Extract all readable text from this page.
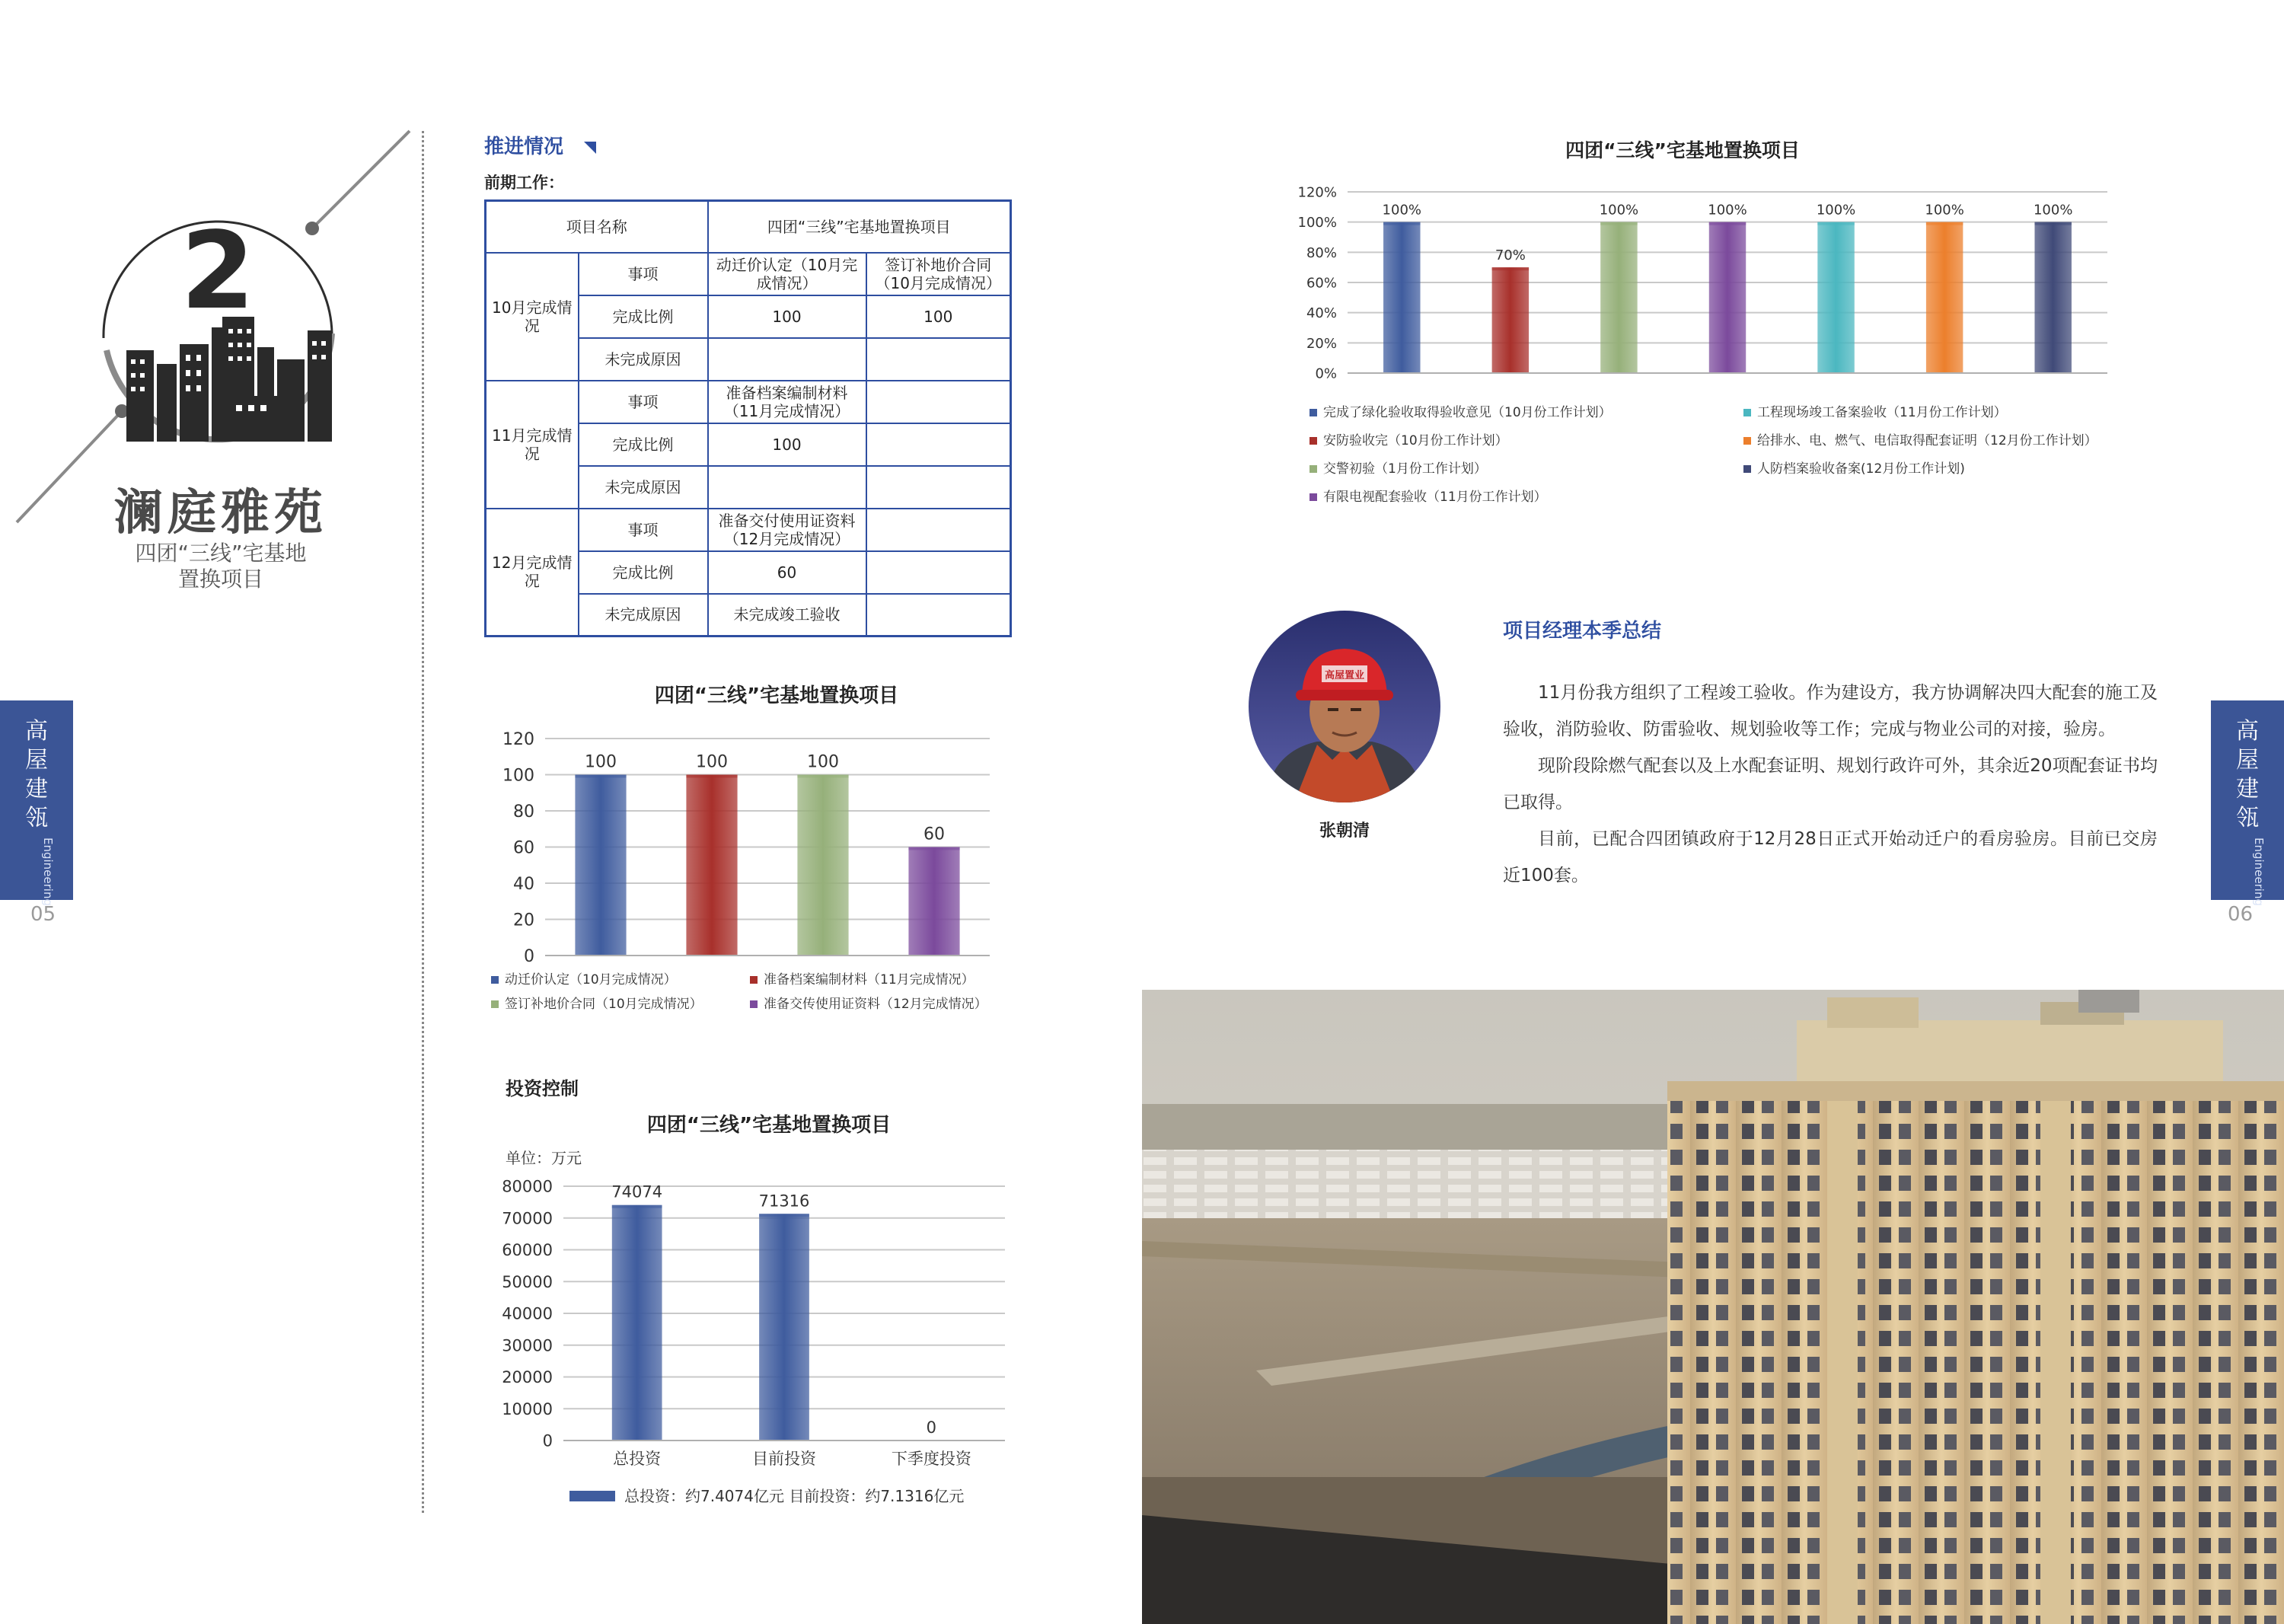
2
澜庭雅苑
四团“三线”宅基地
置换项目
高
屋
建
瓴
Engineering
05
高
屋
建
瓴
Engineering
06
推进情况
前期工作：
项目名称		四团“三线”宅基地置换项目	
10月完成情况	事项	动迁价认定（10月完成情况）	签订补地价合同（10月完成情况）
	完成比例	100	100
	未完成原因		
11月完成情况	事项	准备档案编制材料（11月完成情况）	
	完成比例	100	
	未完成原因		
12月完成情况	事项	准备交付使用证资料（12月完成情况）	
	完成比例	60	
	未完成原因	未完成竣工验收	
四团“三线”宅基地置换项目
0
20
40
60
80
100
120
100	100	100
60
动迁价认定（10月完成情况）	准备档案编制材料（11月完成情况）
签订补地价合同（10月完成情况）	准备交传使用证资料（12月完成情况）
投资控制
四团“三线”宅基地置换项目
单位：万元
0
10000
20000
30000
40000
50000
60000
70000
80000	74074
总投资
71316
目前投资
0
下季度投资
总投资：约7.4074亿元 目前投资：约7.1316亿元
四团“三线”宅基地置换项目
0%
20%
40%
60%
80%
100%
120%
100%
70%
100%	100%	100%	100%	100%
完成了绿化验收取得验收意见（10月份工作计划）
安防验收完（10月份工作计划）
交警初验（1月份工作计划）
有限电视配套验收（11月份工作计划）
工程现场竣工备案验收（11月份工作计划）
给排水、电、燃气、电信取得配套证明（12月份工作计划）
人防档案验收备案(12月份工作计划)
项目经理本季总结
高屋置业
张朝清

11月份我方组织了工程竣工验收。作为建设方，我方协调解决四大配套的施工及验收，消防验收、防雷验收、规划验收等工作；完成与物业公司的对接，验房。

现阶段除燃气配套以及上水配套证明、规划行政许可外，其余近20项配套证书均已取得。

目前，已配合四团镇政府于12月28日正式开始动迁户的看房验房。目前已交房近100套。
